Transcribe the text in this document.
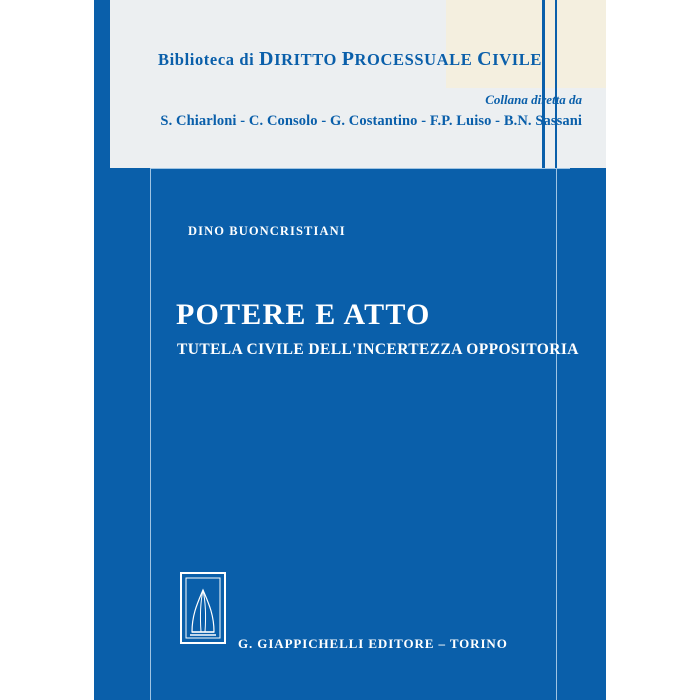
Biblioteca di DIRITTO PROCESSUALE CIVILE
Collana diretta da
S. Chiarloni - C. Consolo - G. Costantino - F.P. Luiso - B.N. Sassani
DINO BUONCRISTIANI
POTERE E ATTO
TUTELA CIVILE DELL'INCERTEZZA OPPOSITORIA
G. GIAPPICHELLI EDITORE – TORINO
